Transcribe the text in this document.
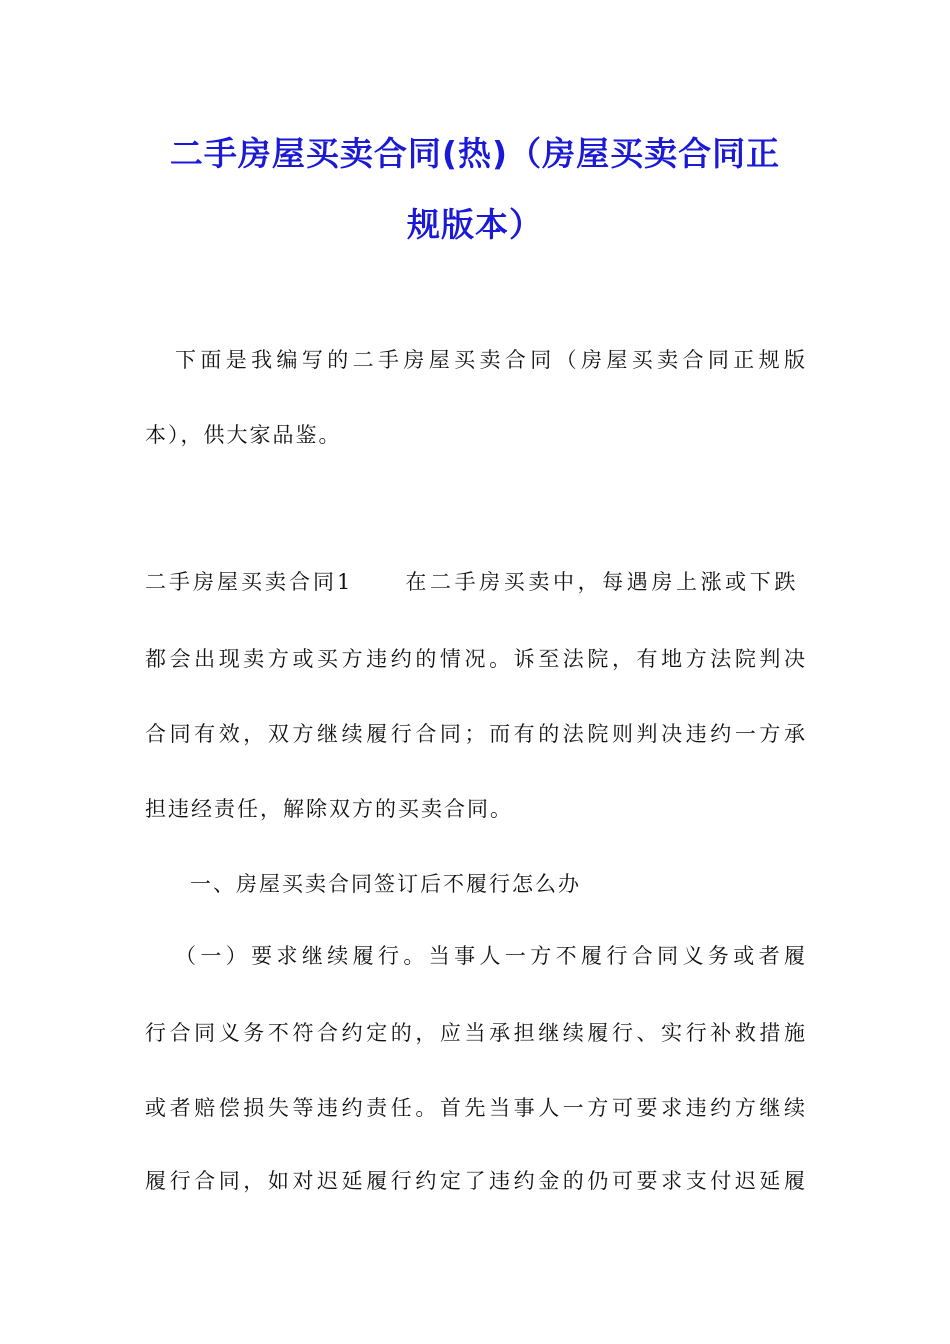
二手房屋买卖合同(热)（房屋买卖合同正
规版本）
下面是我编写的二手房屋买卖合同（房屋买卖合同正规版
本），供大家品鉴。
二手房屋买卖合同1 在二手房买卖中，每遇房上涨或下跌
都会出现卖方或买方违约的情况。诉至法院，有地方法院判决
合同有效，双方继续履行合同；而有的法院则判决违约一方承
担违经责任，解除双方的买卖合同。
一、房屋买卖合同签订后不履行怎么办
（一）要求继续履行。当事人一方不履行合同义务或者履
行合同义务不符合约定的，应当承担继续履行、实行补救措施
或者赔偿损失等违约责任。首先当事人一方可要求违约方继续
履行合同，如对迟延履行约定了违约金的仍可要求支付迟延履
